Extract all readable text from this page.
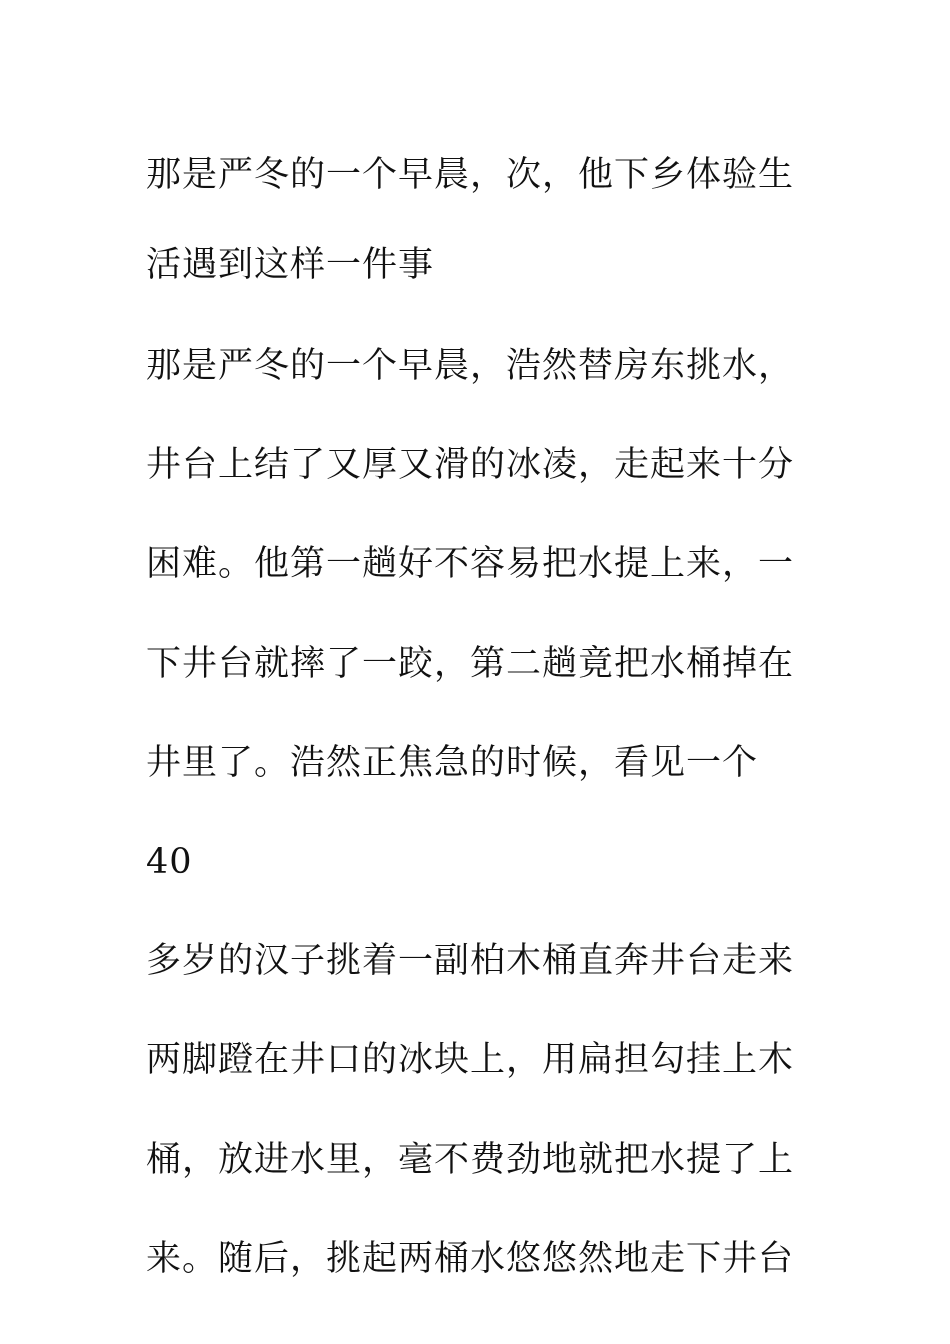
那是严冬的一个早晨，次，他下乡体验生
活遇到这样一件事

那是严冬的一个早晨，浩然替房东挑水，
井台上结了又厚又滑的冰凌，走起来十分
困难。他第一趟好不容易把水提上来，一
下井台就摔了一跤，第二趟竟把水桶掉在
井里了。浩然正焦急的时候，看见一个 40
多岁的汉子挑着一副柏木桶直奔井台走来
两脚蹬在井口的冰块上，用扁担勾挂上木
桶，放进水里，毫不费劲地就把水提了上
来。随后，挑起两桶水悠悠然地走下井台
